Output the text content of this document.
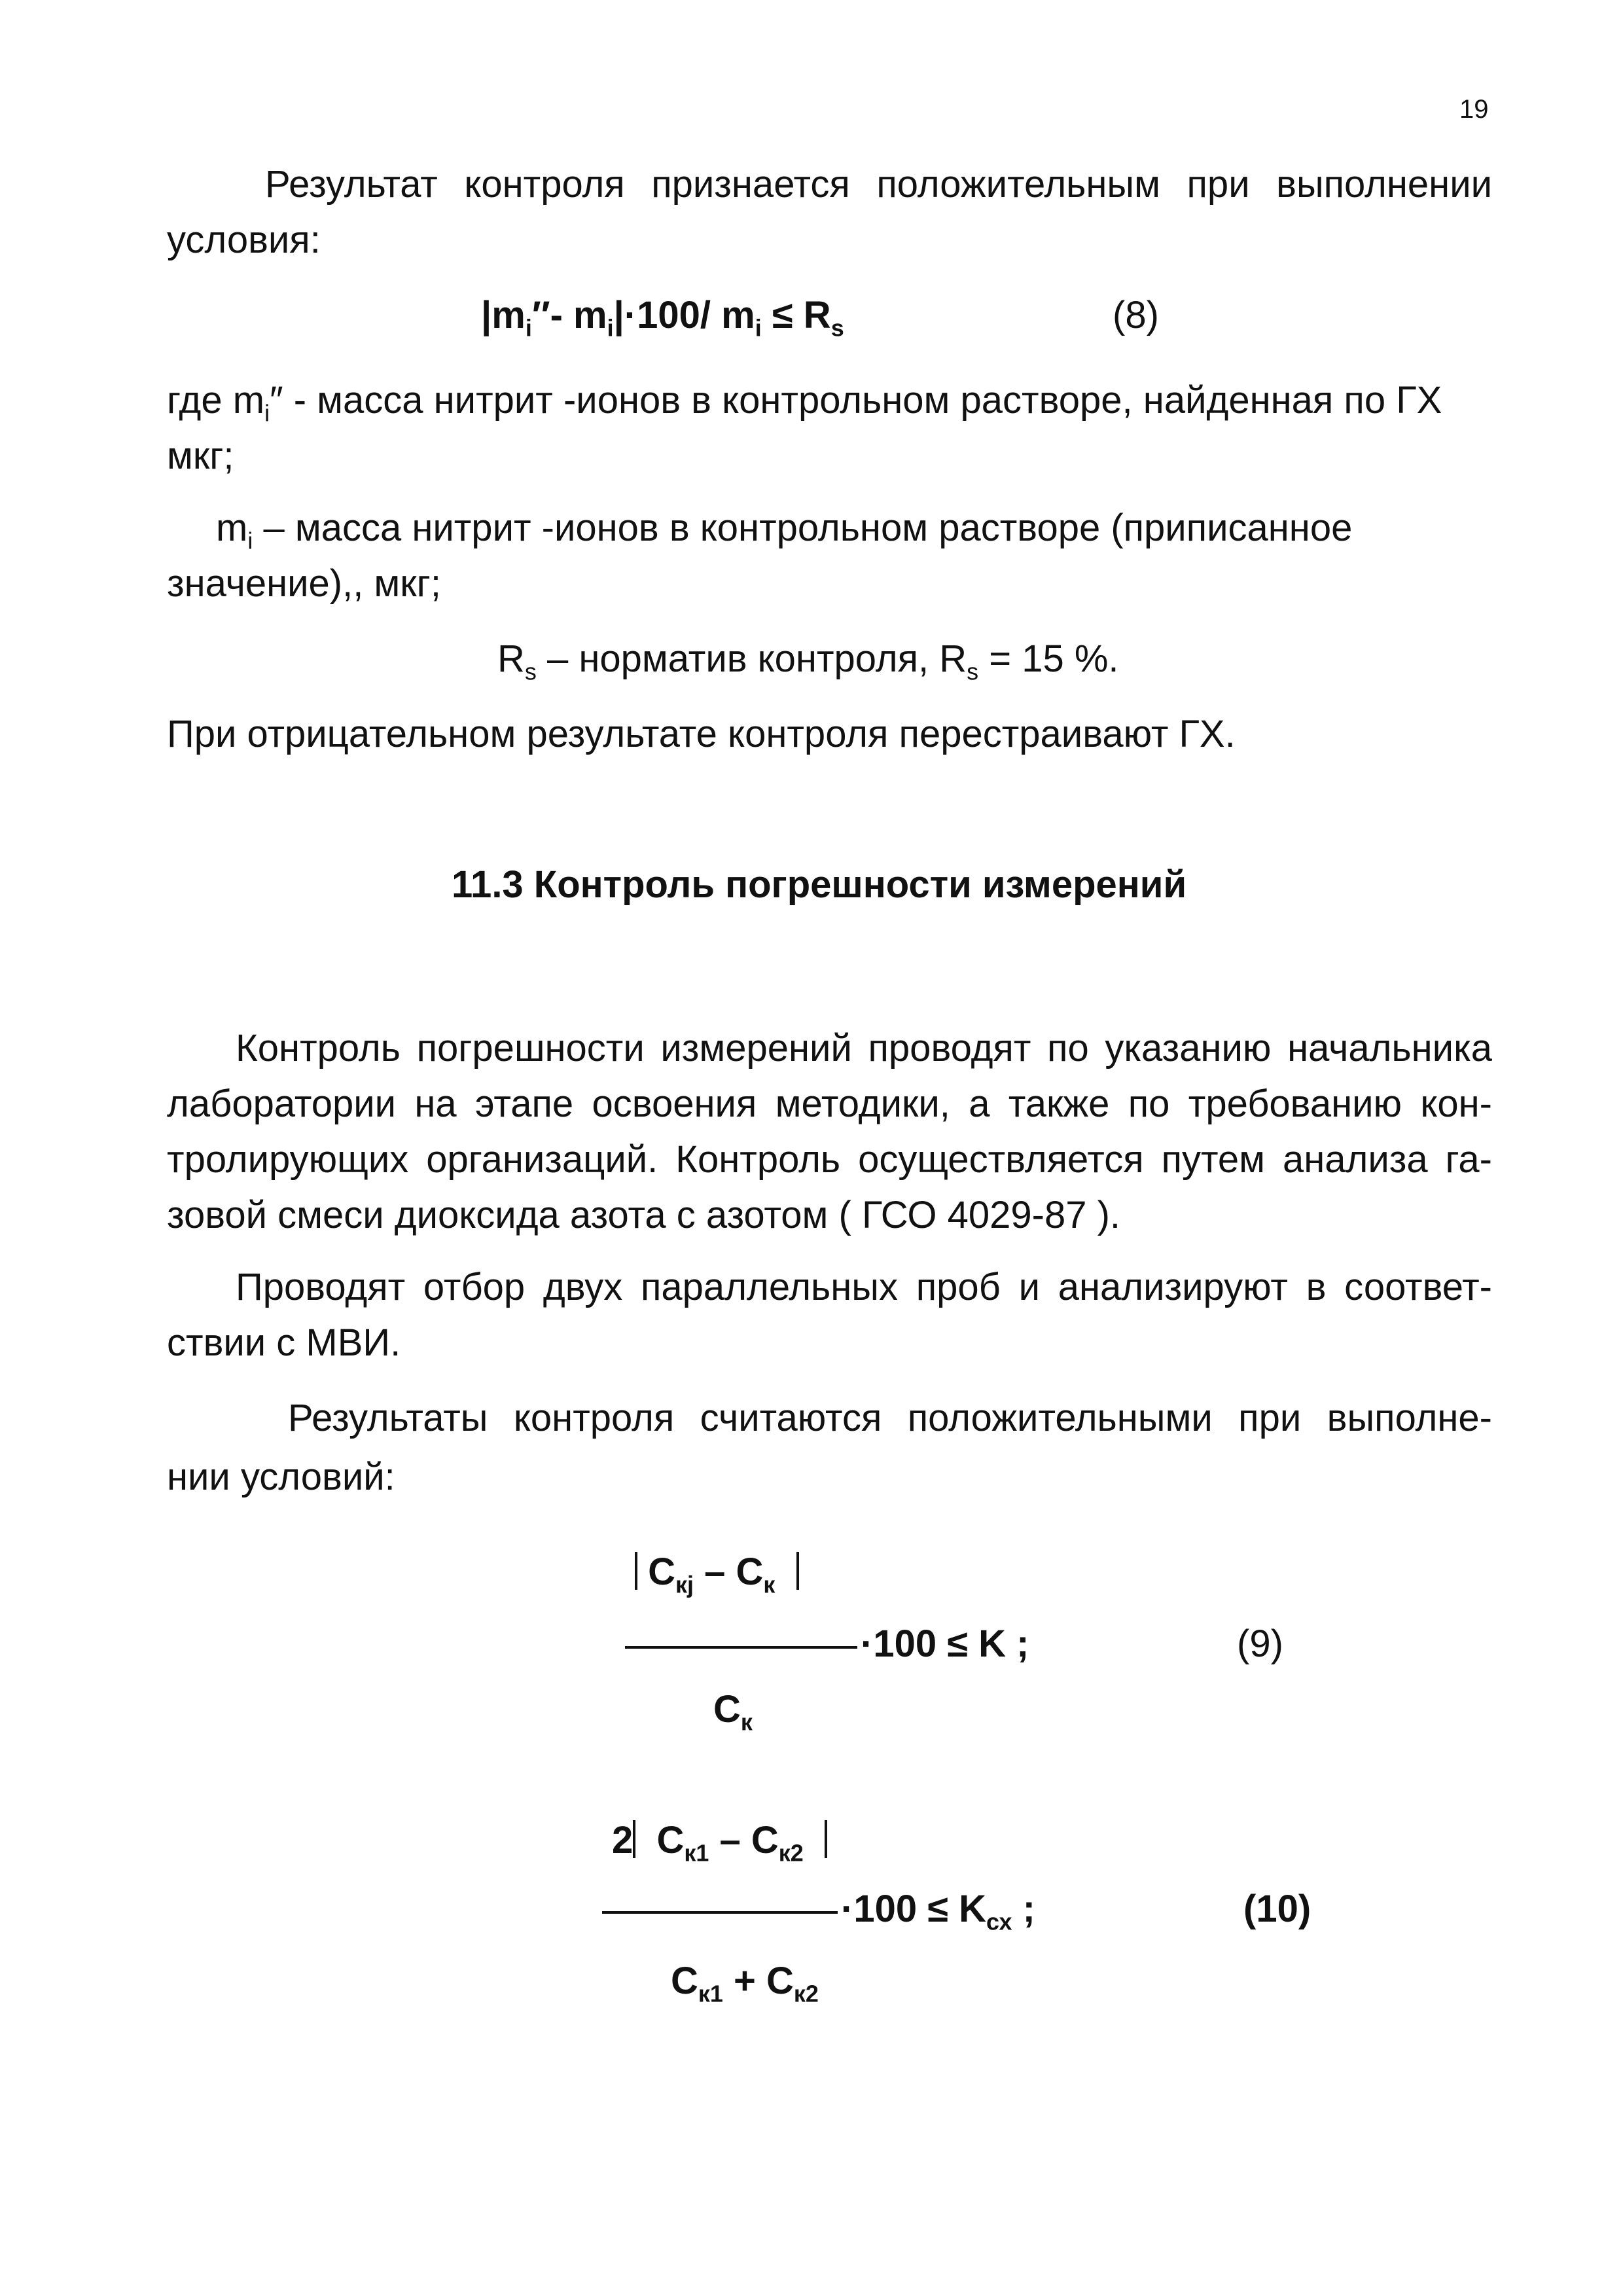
19
Результат контроля признается положительным при выполнении
условия:
$|m_i''-$ $m_i|\cdot 100/$ $m_i \le R_s$	(8)
где $m_i''$ - масса нитрит -ионов в контрольном растворе, найденная по ГХ
мкг;
$m_i$ – масса нитрит -ионов в контрольном растворе (приписанное
значение),, мкг;
$R_s$ – норматив контроля, $R_s = 15$ %.
При отрицательном результате контроля перестраивают ГХ.
11.3 Контроль погрешности измерений
Контроль погрешности измерений проводят по указанию начальника
лаборатории на этапе освоения методики, а также по требованию кон-
тролирующих организаций. Контроль осуществляется путем анализа га-
зовой смеси диоксида азота с азотом ( ГСО 4029-87 ).
Проводят отбор двух параллельных проб и анализируют в соответ-
ствии с МВИ.
Результаты контроля считаются положительными при выполне-
нии условий:
$C_{кj} - C_к$
·100 ≤ K ;	(9)
$C_к$
2 $C_{к1} - C_{к2}$
$\cdot 100 \le K_{сх}$ ;	(10)
$C_{к1} + C_{к2}$
